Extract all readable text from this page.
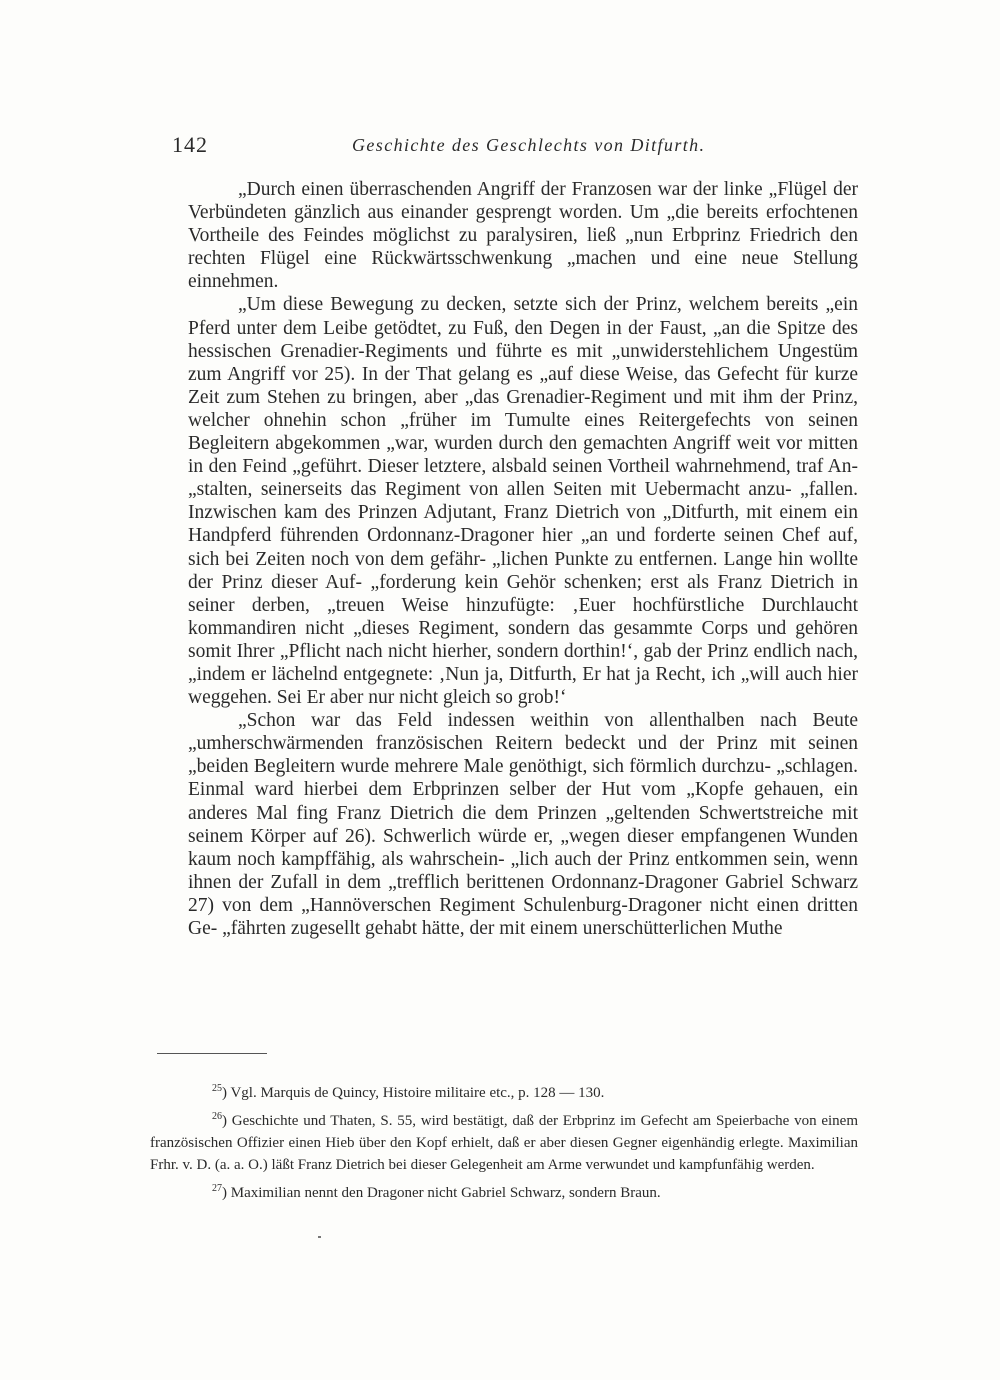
142	Geschichte des Geschlechts von Ditfurth.

„Durch einen überraschenden Angriff der Franzosen war der linke „Flügel der Verbündeten gänzlich aus einander gesprengt worden. Um „die bereits erfochtenen Vortheile des Feindes möglichst zu paralysiren, ließ „nun Erbprinz Friedrich den rechten Flügel eine Rückwärtsschwenkung „machen und eine neue Stellung einnehmen.

„Um diese Bewegung zu decken, setzte sich der Prinz, welchem bereits „ein Pferd unter dem Leibe getödtet, zu Fuß, den Degen in der Faust, „an die Spitze des hessischen Grenadier-Regiments und führte es mit „unwiderstehlichem Ungestüm zum Angriff vor 25). In der That gelang es „auf diese Weise, das Gefecht für kurze Zeit zum Stehen zu bringen, aber „das Grenadier-Regiment und mit ihm der Prinz, welcher ohnehin schon „früher im Tumulte eines Reitergefechts von seinen Begleitern abgekommen „war, wurden durch den gemachten Angriff weit vor mitten in den Feind „geführt. Dieser letztere, alsbald seinen Vortheil wahrnehmend, traf An- „stalten, seinerseits das Regiment von allen Seiten mit Uebermacht anzu- „fallen. Inzwischen kam des Prinzen Adjutant, Franz Dietrich von „Ditfurth, mit einem ein Handpferd führenden Ordonnanz-Dragoner hier „an und forderte seinen Chef auf, sich bei Zeiten noch von dem gefähr- „lichen Punkte zu entfernen. Lange hin wollte der Prinz dieser Auf- „forderung kein Gehör schenken; erst als Franz Dietrich in seiner derben, „treuen Weise hinzufügte: ‚Euer hochfürstliche Durchlaucht kommandiren nicht „dieses Regiment, sondern das gesammte Corps und gehören somit Ihrer „Pflicht nach nicht hierher, sondern dorthin!‘, gab der Prinz endlich nach, „indem er lächelnd entgegnete: ‚Nun ja, Ditfurth, Er hat ja Recht, ich „will auch hier weggehen. Sei Er aber nur nicht gleich so grob!‘

„Schon war das Feld indessen weithin von allenthalben nach Beute „umherschwärmenden französischen Reitern bedeckt und der Prinz mit seinen „beiden Begleitern wurde mehrere Male genöthigt, sich förmlich durchzu- „schlagen. Einmal ward hierbei dem Erbprinzen selber der Hut vom „Kopfe gehauen, ein anderes Mal fing Franz Dietrich die dem Prinzen „geltenden Schwertstreiche mit seinem Körper auf 26). Schwerlich würde er, „wegen dieser empfangenen Wunden kaum noch kampffähig, als wahrschein- „lich auch der Prinz entkommen sein, wenn ihnen der Zufall in dem „trefflich berittenen Ordonnanz-Dragoner Gabriel Schwarz 27) von dem „Hannöverschen Regiment Schulenburg-Dragoner nicht einen dritten Ge- „fährten zugesellt gehabt hätte, der mit einem unerschütterlichen Muthe

$^{25}$) Vgl. Marquis de Quincy, Histoire militaire etc., p. 128 — 130.

$^{26}$) Geschichte und Thaten, S. 55, wird bestätigt, daß der Erbprinz im Gefecht am Speierbache von einem französischen Offizier einen Hieb über den Kopf erhielt, daß er aber diesen Gegner eigenhändig erlegte. Maximilian Frhr. v. D. (a. a. O.) läßt Franz Dietrich bei dieser Gelegenheit am Arme verwundet und kampfunfähig werden.

$^{27}$) Maximilian nennt den Dragoner nicht Gabriel Schwarz, sondern Braun.
